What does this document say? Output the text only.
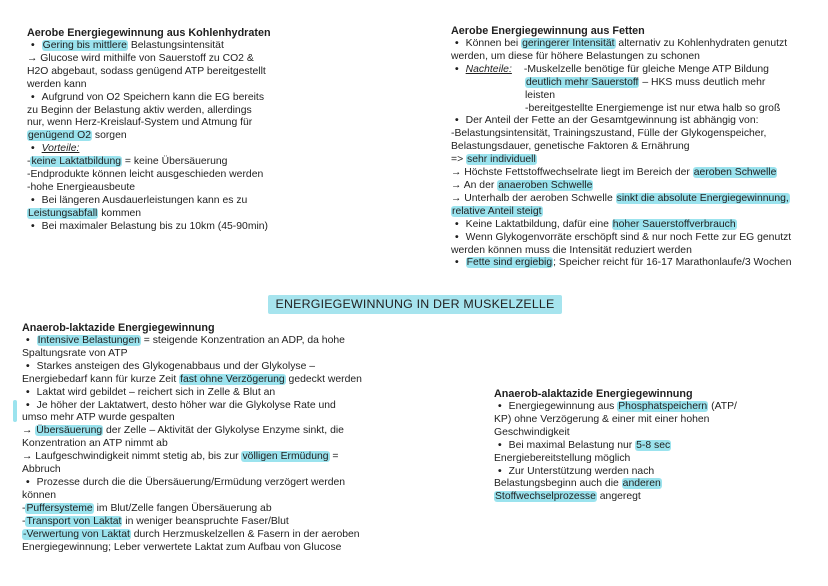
Aerobe Energiegewinnung aus Kohlenhydraten
• Gering bis mittlere Belastungsintensität
→ Glucose wird mithilfe von Sauerstoff zu CO2 &
H2O abgebaut, sodass genügend ATP bereitgestellt
werden kann
• Aufgrund von O2 Speichern kann die EG bereits
zu Beginn der Belastung aktiv werden, allerdings
nur, wenn Herz-Kreislauf-System und Atmung für
genügend O2 sorgen
• Vorteile:
-keine Laktatbildung = keine Übersäuerung
-Endprodukte können leicht ausgeschieden werden
-hohe Energieausbeute
• Bei längeren Ausdauerleistungen kann es zu
Leistungsabfall kommen
• Bei maximaler Belastung bis zu 10km (45-90min)
Aerobe Energiegewinnung aus Fetten
• Können bei geringerer Intensität alternativ zu Kohlenhydraten genutzt
werden, um diese für höhere Belastungen zu schonen
• Nachteile: -Muskelzelle benötige für gleiche Menge ATP Bildung
deutlich mehr Sauerstoff – HKS muss deutlich mehr
leisten
-bereitgestellte Energiemenge ist nur etwa halb so groß
• Der Anteil der Fette an der Gesamtgewinnung ist abhängig von:
-Belastungsintensität, Trainingszustand, Fülle der Glykogenspeicher,
Belastungsdauer, genetische Faktoren & Ernährung
=> sehr individuell
→ Höchste Fettstoffwechselrate liegt im Bereich der aeroben Schwelle
→ An der anaeroben Schwelle
→ Unterhalb der aeroben Schwelle sinkt die absolute Energiegewinnung,
relative Anteil steigt
• Keine Laktatbildung, dafür eine hoher Sauerstoffverbrauch
• Wenn Glykogenvorräte erschöpft sind & nur noch Fette zur EG genutzt
werden können muss die Intensität reduziert werden
• Fette sind ergiebig; Speicher reicht für 16-17 Marathonlaufe/3 Wochen
ENERGIEGEWINNUNG IN DER MUSKELZELLE
Anaerob-laktazide Energiegewinnung
• Intensive Belastungen = steigende Konzentration an ADP, da hohe
Spaltungsrate von ATP
• Starkes ansteigen des Glykogenabbaus und der Glykolyse –
Energiebedarf kann für kurze Zeit fast ohne Verzögerung gedeckt werden
• Laktat wird gebildet – reichert sich in Zelle & Blut an
• Je höher der Laktatwert, desto höher war die Glykolyse Rate und
umso mehr ATP wurde gespalten
→ Übersäuerung der Zelle – Aktivität der Glykolyse Enzyme sinkt, die
Konzentration an ATP nimmt ab
→ Laufgeschwindigkeit nimmt stetig ab, bis zur völligen Ermüdung =
Abbruch
• Prozesse durch die die Übersäuerung/Ermüdung verzögert werden
können
-Puffersysteme im Blut/Zelle fangen Übersäuerung ab
-Transport von Laktat in weniger beanspruchte Faser/Blut
-Verwertung von Laktat durch Herzmuskelzellen & Fasern in der aeroben
Energiegewinnung; Leber verwertete Laktat zum Aufbau von Glucose
Anaerob-alaktazide Energiegewinnung
• Energiegewinnung aus Phosphatspeichern (ATP/
KP) ohne Verzögerung & einer mit einer hohen
Geschwindigkeit
• Bei maximal Belastung nur 5-8 sec
Energiebereitstellung möglich
• Zur Unterstützung werden nach
Belastungsbeginn auch die anderen
Stoffwechselprozesse angeregt
